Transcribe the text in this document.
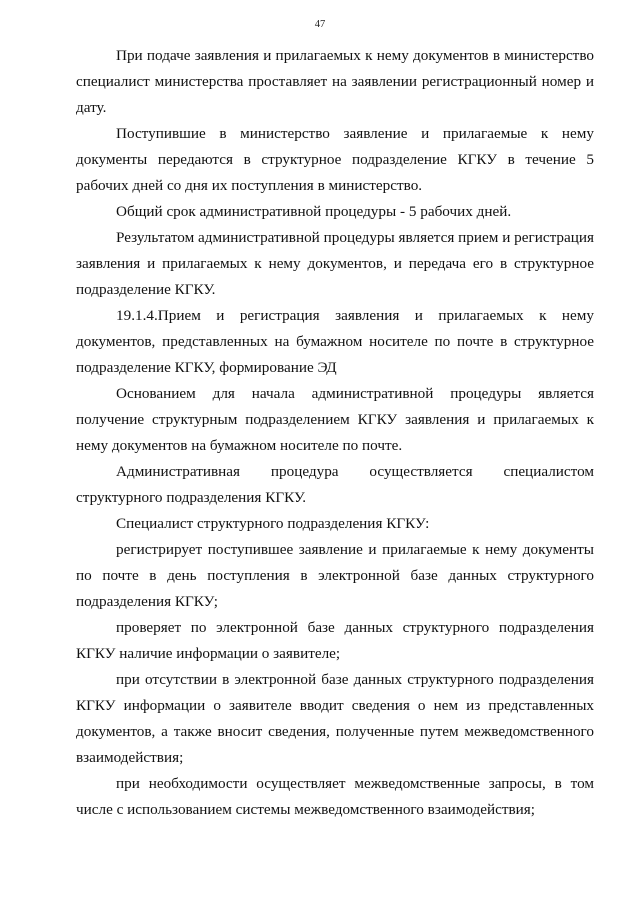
47

При подаче заявления и прилагаемых к нему документов в министерство специалист министерства проставляет на заявлении регистрационный номер и дату.

Поступившие в министерство заявление и прилагаемые к нему документы передаются в структурное подразделение КГКУ в течение 5 рабочих дней со дня их поступления в министерство.

Общий срок административной процедуры - 5 рабочих дней.

Результатом административной процедуры является прием и регистрация заявления и прилагаемых к нему документов, и передача его в структурное подразделение КГКУ.

19.1.4.Прием и регистрация заявления и прилагаемых к нему документов, представленных на бумажном носителе по почте в структурное подразделение КГКУ, формирование ЭД

Основанием для начала административной процедуры является получение структурным подразделением КГКУ заявления и прилагаемых к нему документов на бумажном носителе по почте.

Административная процедура осуществляется специалистом структурного подразделения КГКУ.

Специалист структурного подразделения КГКУ:

регистрирует поступившее заявление и прилагаемые к нему документы по почте в день поступления в электронной базе данных структурного подразделения КГКУ;

проверяет по электронной базе данных структурного подразделения КГКУ наличие информации о заявителе;

при отсутствии в электронной базе данных структурного подразделения КГКУ информации о заявителе вводит сведения о нем из представленных документов, а также вносит сведения, полученные путем межведомственного взаимодействия;

при необходимости осуществляет межведомственные запросы, в том числе с использованием системы межведомственного взаимодействия;
